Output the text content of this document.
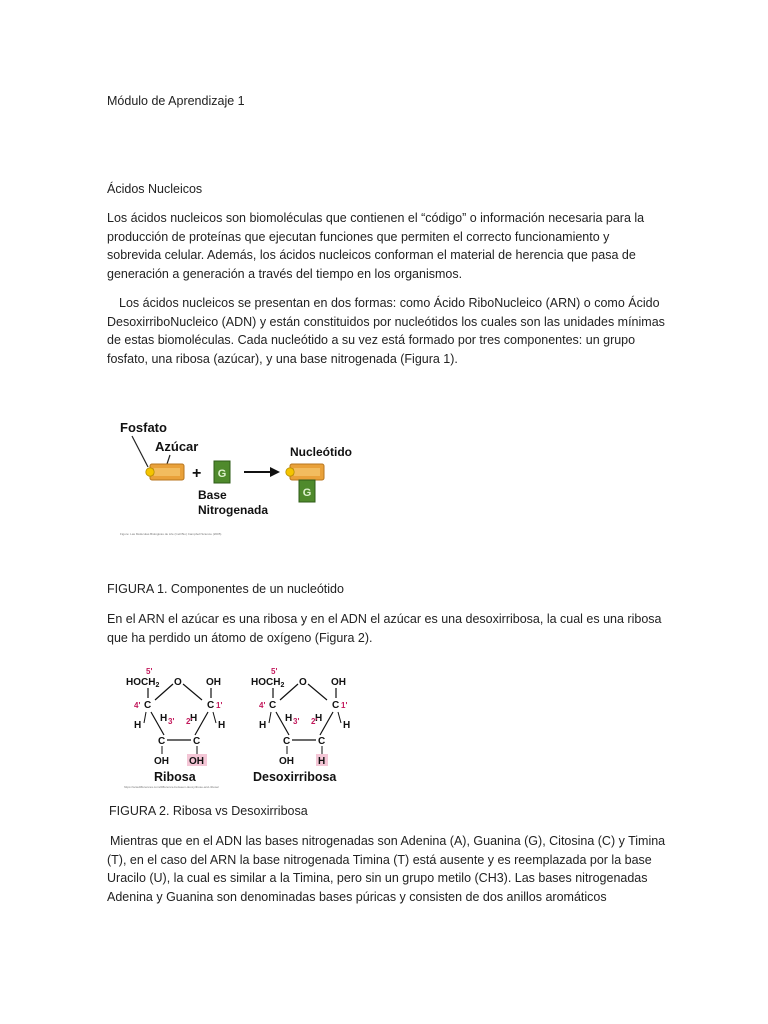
Módulo de Aprendizaje 1
Ácidos Nucleicos
Los ácidos nucleicos son biomoléculas que contienen el “código” o información necesaria para la producción de proteínas que ejecutan funciones que permiten el correcto funcionamiento y sobrevida celular. Además, los ácidos nucleicos conforman el material de herencia que pasa de generación a generación a través del tiempo en los organismos.
Los ácidos nucleicos se presentan en dos formas: como Ácido RiboNucleico (ARN) o como Ácido DesoxirriboNucleico (ADN) y están constituidos por nucleótidos los cuales son las unidades mínimas de estas biomoléculas. Cada nucleótido a su vez está formado por tres componentes: un grupo fosfato, una ribosa (azúcar), y una base nitrogenada (Figura 1).
Fosfato
Azúcar
+ G
Base
Nitrogenada
Nucleótido
G
Figure: Las Moléculas Biológicas de Life (Cell Bio) Campbell Science (2005)
FIGURA 1. Componentes de un nucleótido
En el ARN el azúcar es una ribosa y en el ADN el azúcar es una desoxirribosa, la cual es una ribosa que ha perdido un átomo de oxígeno (Figura 2).
5'
$HOCH_2$ O OH
4' C	C 1'
H	H
H H
3' 2'
C	C
OH OH
Ribosa
5'
$HOCH_2$ O OH
4' C	C 1'
H	H
H H
3' 2'
C	C
OH H
Desoxirribosa
https://sciedifferences.com/difference-between-deoxyribose-and-ribose/
FIGURA 2. Ribosa vs Desoxirribosa
Mientras que en el ADN las bases nitrogenadas son Adenina (A), Guanina (G), Citosina (C) y Timina (T), en el caso del ARN la base nitrogenada Timina (T) está ausente y es reemplazada por la base Uracilo (U), la cual es similar a la Timina, pero sin un grupo metilo (CH3). Las bases nitrogenadas Adenina y Guanina son denominadas bases púricas y consisten de dos anillos aromáticos
